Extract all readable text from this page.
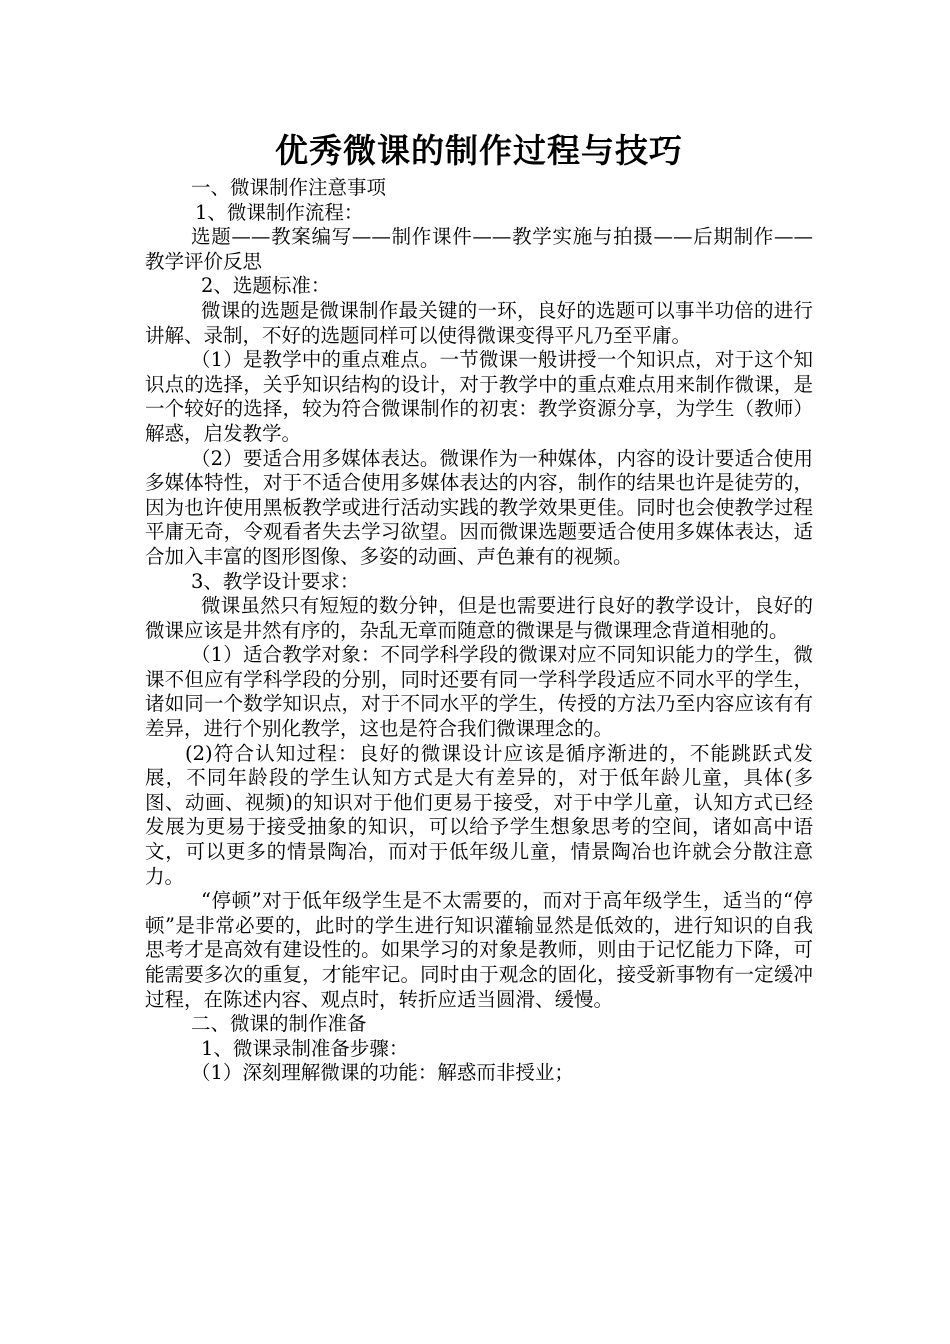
优秀微课的制作过程与技巧

一、微课制作注意事项

1、微课制作流程：

选题——教案编写——制作课件——教学实施与拍摄——后期制作——教学评价反思

2、选题标准：

微课的选题是微课制作最关键的一环，良好的选题可以事半功倍的进行讲解、录制，不好的选题同样可以使得微课变得平凡乃至平庸。

（1）是教学中的重点难点。一节微课一般讲授一个知识点，对于这个知识点的选择，关乎知识结构的设计，对于教学中的重点难点用来制作微课，是一个较好的选择，较为符合微课制作的初衷：教学资源分享，为学生（教师）解惑，启发教学。

（2）要适合用多媒体表达。微课作为一种媒体，内容的设计要适合使用多媒体特性，对于不适合使用多媒体表达的内容，制作的结果也许是徒劳的，因为也许使用黑板教学或进行活动实践的教学效果更佳。同时也会使教学过程平庸无奇，令观看者失去学习欲望。因而微课选题要适合使用多媒体表达，适合加入丰富的图形图像、多姿的动画、声色兼有的视频。

3、教学设计要求：

微课虽然只有短短的数分钟，但是也需要进行良好的教学设计，良好的微课应该是井然有序的，杂乱无章而随意的微课是与微课理念背道相驰的。

（1）适合教学对象：不同学科学段的微课对应不同知识能力的学生，微课不但应有学科学段的分别，同时还要有同一学科学段适应不同水平的学生，诸如同一个数学知识点，对于不同水平的学生，传授的方法乃至内容应该有有差异，进行个别化教学，这也是符合我们微课理念的。

(2)符合认知过程：良好的微课设计应该是循序渐进的，不能跳跃式发展，不同年龄段的学生认知方式是大有差异的，对于低年龄儿童，具体(多图、动画、视频)的知识对于他们更易于接受，对于中学儿童，认知方式已经发展为更易于接受抽象的知识，可以给予学生想象思考的空间，诸如高中语文，可以更多的情景陶冶，而对于低年级儿童，情景陶冶也许就会分散注意力。

“停顿”对于低年级学生是不太需要的，而对于高年级学生，适当的“停顿”是非常必要的，此时的学生进行知识灌输显然是低效的，进行知识的自我思考才是高效有建设性的。如果学习的对象是教师，则由于记忆能力下降，可能需要多次的重复，才能牢记。同时由于观念的固化，接受新事物有一定缓冲过程，在陈述内容、观点时，转折应适当圆滑、缓慢。

二、微课的制作准备

1、微课录制准备步骤：

（1）深刻理解微课的功能：解惑而非授业；
